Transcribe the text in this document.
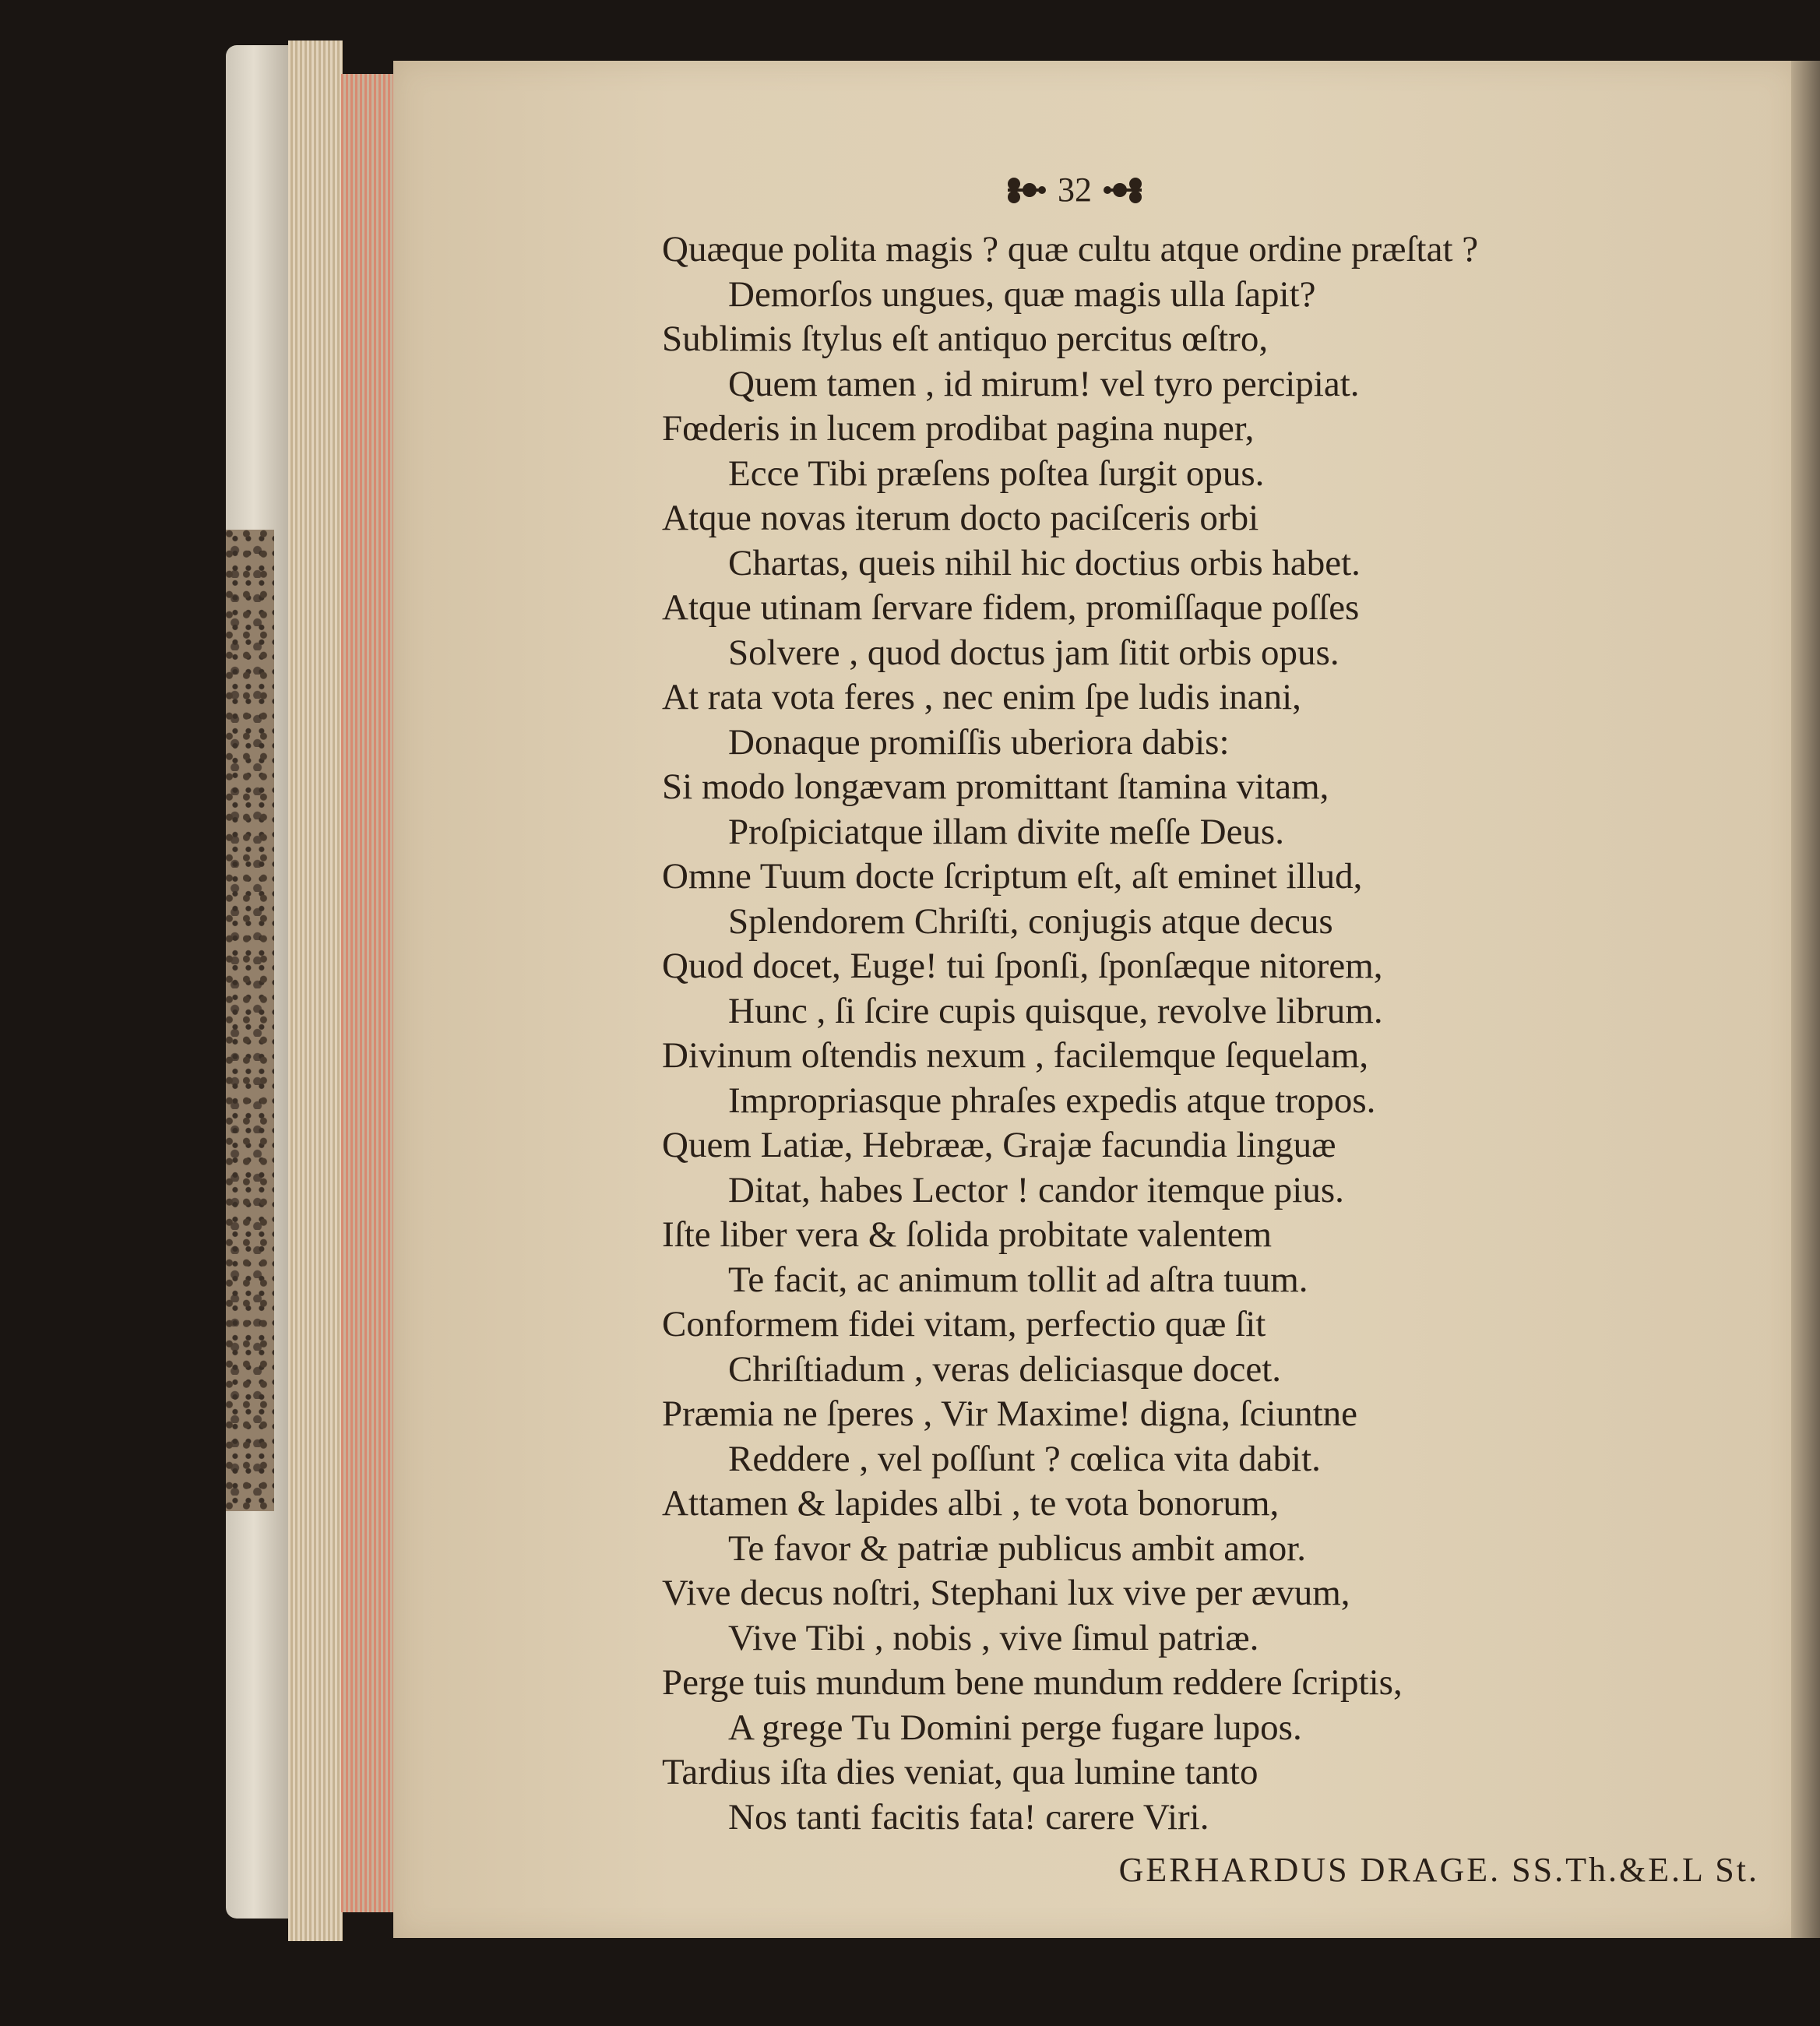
32
Quæque polita magis ? quæ cultu atque ordine præſtat ?
Demorſos ungues, quæ magis ulla ſapit?
Sublimis ſtylus eſt antiquo percitus œſtro,
Quem tamen , id mirum! vel tyro percipiat.
Fœderis in lucem prodibat pagina nuper,
Ecce Tibi præſens poſtea ſurgit opus.
Atque novas iterum docto paciſceris orbi
Chartas, queis nihil hic doctius orbis habet.
Atque utinam ſervare fidem, promiſſaque poſſes
Solvere , quod doctus jam ſitit orbis opus.
At rata vota feres , nec enim ſpe ludis inani,
Donaque promiſſis uberiora dabis:
Si modo longævam promittant ſtamina vitam,
Proſpiciatque illam divite meſſe Deus.
Omne Tuum docte ſcriptum eſt, aſt eminet illud,
Splendorem Chriſti, conjugis atque decus
Quod docet, Euge! tui ſponſi, ſponſæque nitorem,
Hunc , ſi ſcire cupis quisque, revolve librum.
Divinum oſtendis nexum , facilemque ſequelam,
Impropriasque phraſes expedis atque tropos.
Quem Latiæ, Hebrææ, Grajæ facundia linguæ
Ditat, habes Lector ! candor itemque pius.
Iſte liber vera & ſolida probitate valentem
Te facit, ac animum tollit ad aſtra tuum.
Conformem fidei vitam, perfectio quæ ſit
Chriſtiadum , veras deliciasque docet.
Præmia ne ſperes , Vir Maxime! digna, ſciuntne
Reddere , vel poſſunt ? cœlica vita dabit.
Attamen & lapides albi , te vota bonorum,
Te favor & patriæ publicus ambit amor.
Vive decus noſtri, Stephani lux vive per ævum,
Vive Tibi , nobis , vive ſimul patriæ.
Perge tuis mundum bene mundum reddere ſcriptis,
A grege Tu Domini perge fugare lupos.
Tardius iſta dies veniat, qua lumine tanto
Nos tanti facitis fata! carere Viri.
GERHARDUS DRAGE. SS.Th.&E.L St.
